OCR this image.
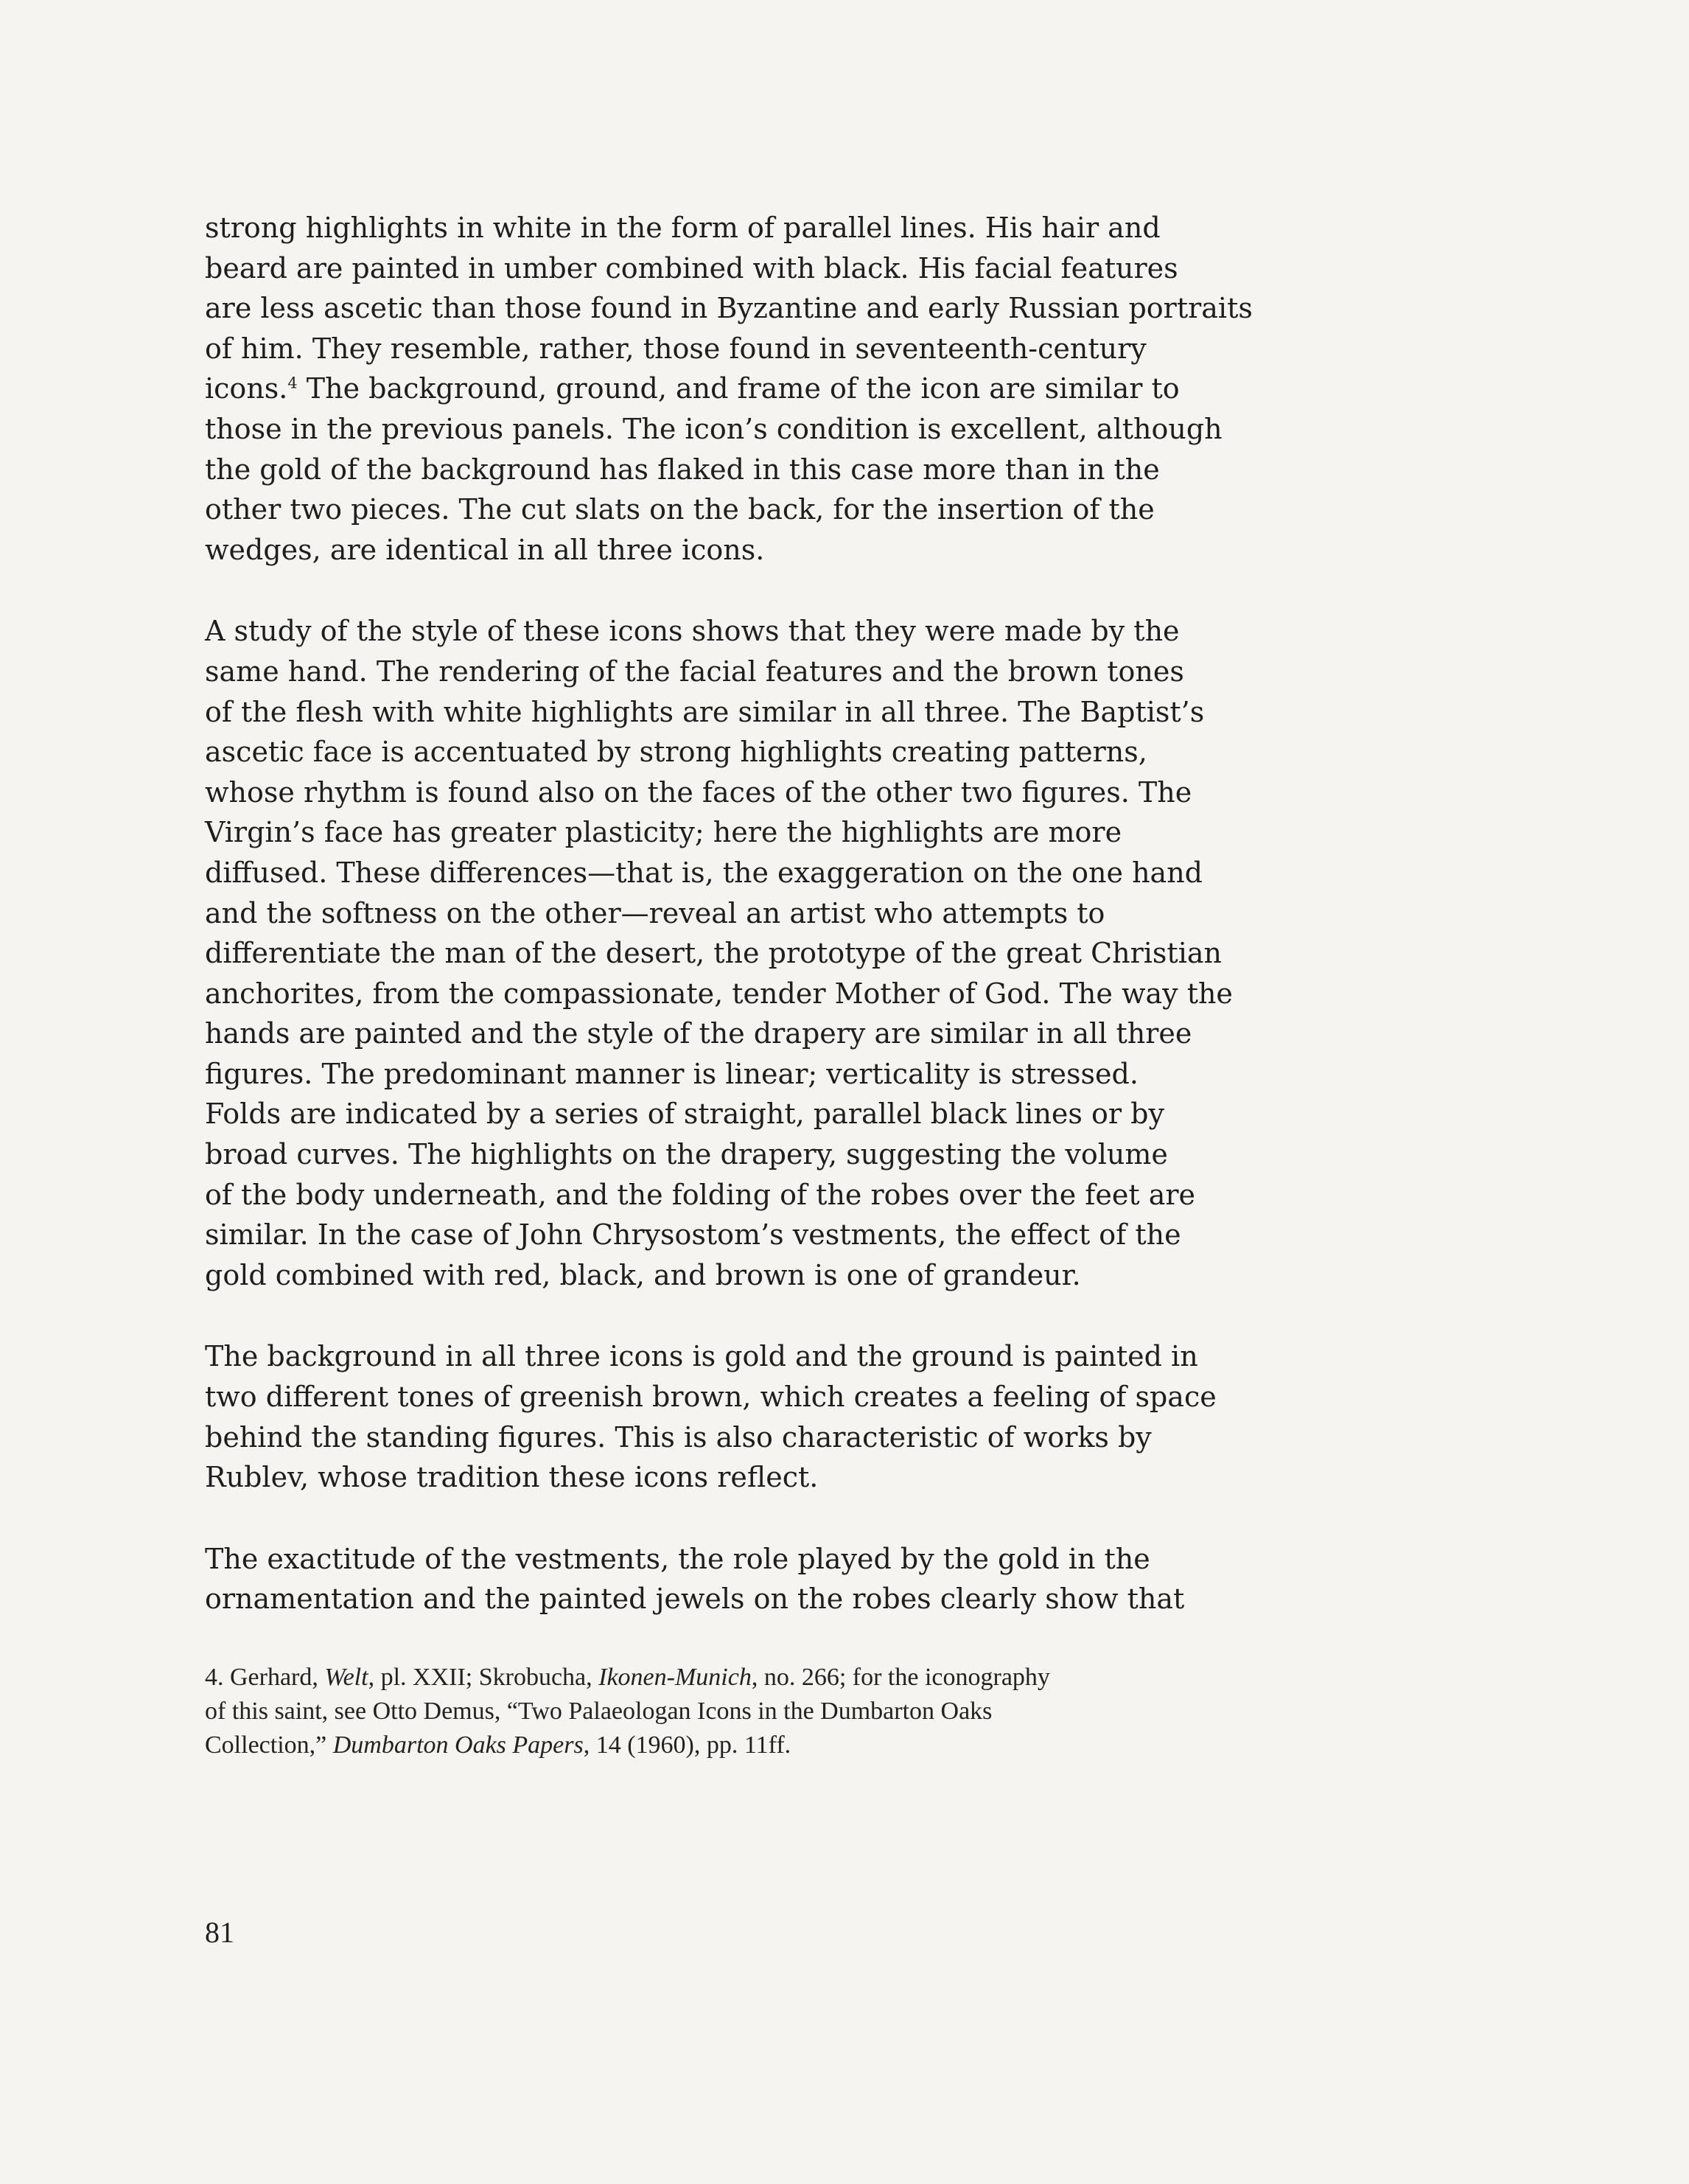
strong highlights in white in the form of parallel lines. His hair and
beard are painted in umber combined with black. His facial features
are less ascetic than those found in Byzantine and early Russian portraits
of him. They resemble, rather, those found in seventeenth-century
icons.$^4$ The background, ground, and frame of the icon are similar to
those in the previous panels. The icon’s condition is excellent, although
the gold of the background has flaked in this case more than in the
other two pieces. The cut slats on the back, for the insertion of the
wedges, are identical in all three icons.

A study of the style of these icons shows that they were made by the
same hand. The rendering of the facial features and the brown tones
of the flesh with white highlights are similar in all three. The Baptist’s
ascetic face is accentuated by strong highlights creating patterns,
whose rhythm is found also on the faces of the other two figures. The
Virgin’s face has greater plasticity; here the highlights are more
diffused. These differences—that is, the exaggeration on the one hand
and the softness on the other—reveal an artist who attempts to
differentiate the man of the desert, the prototype of the great Christian
anchorites, from the compassionate, tender Mother of God. The way the
hands are painted and the style of the drapery are similar in all three
figures. The predominant manner is linear; verticality is stressed.
Folds are indicated by a series of straight, parallel black lines or by
broad curves. The highlights on the drapery, suggesting the volume
of the body underneath, and the folding of the robes over the feet are
similar. In the case of John Chrysostom’s vestments, the effect of the
gold combined with red, black, and brown is one of grandeur.

The background in all three icons is gold and the ground is painted in
two different tones of greenish brown, which creates a feeling of space
behind the standing figures. This is also characteristic of works by
Rublev, whose tradition these icons reflect.

The exactitude of the vestments, the role played by the gold in the
ornamentation and the painted jewels on the robes clearly show that

4. Gerhard, Welt, pl. XXII; Skrobucha, Ikonen-Munich, no. 266; for the iconography
of this saint, see Otto Demus, “Two Palaeologan Icons in the Dumbarton Oaks
Collection,” Dumbarton Oaks Papers, 14 (1960), pp. 11ff.
81
